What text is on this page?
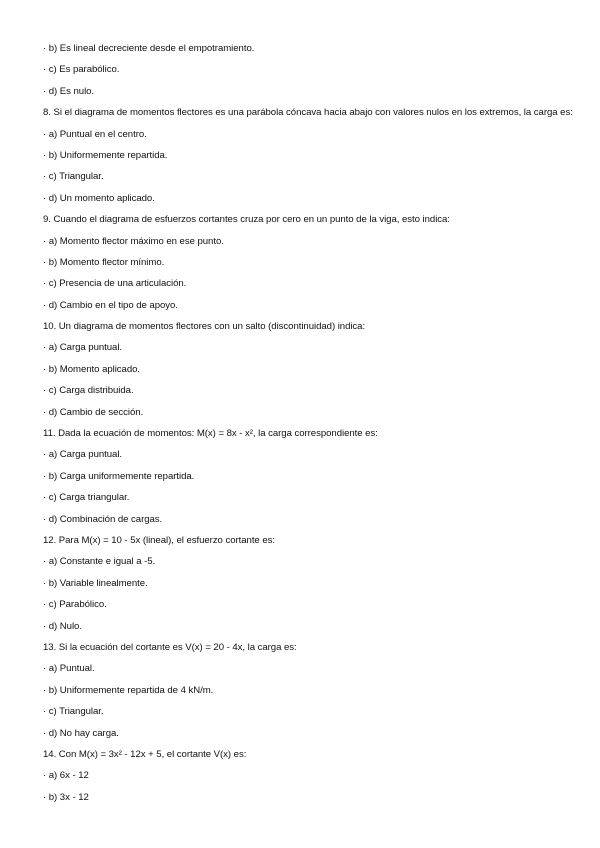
· b) Es lineal decreciente desde el empotramiento.
· c) Es parabólico.
· d) Es nulo.
8. Si el diagrama de momentos flectores es una parábola cóncava hacia abajo con valores nulos en los extremos, la carga es:
· a) Puntual en el centro.
· b) Uniformemente repartida.
· c) Triangular.
· d) Un momento aplicado.
9. Cuando el diagrama de esfuerzos cortantes cruza por cero en un punto de la viga, esto indica:
· a) Momento flector máximo en ese punto.
· b) Momento flector mínimo.
· c) Presencia de una articulación.
· d) Cambio en el tipo de apoyo.
10. Un diagrama de momentos flectores con un salto (discontinuidad) indica:
· a) Carga puntual.
· b) Momento aplicado.
· c) Carga distribuida.
· d) Cambio de sección.
11. Dada la ecuación de momentos: M(x) = 8x - x², la carga correspondiente es:
· a) Carga puntual.
· b) Carga uniformemente repartida.
· c) Carga triangular.
· d) Combinación de cargas.
12. Para M(x) = 10 - 5x (lineal), el esfuerzo cortante es:
· a) Constante e igual a -5.
· b) Variable linealmente.
· c) Parabólico.
· d) Nulo.
13. Si la ecuación del cortante es V(x) = 20 - 4x, la carga es:
· a) Puntual.
· b) Uniformemente repartida de 4 kN/m.
· c) Triangular.
· d) No hay carga.
14. Con M(x) = 3x² - 12x + 5, el cortante V(x) es:
· a) 6x - 12
· b) 3x - 12
